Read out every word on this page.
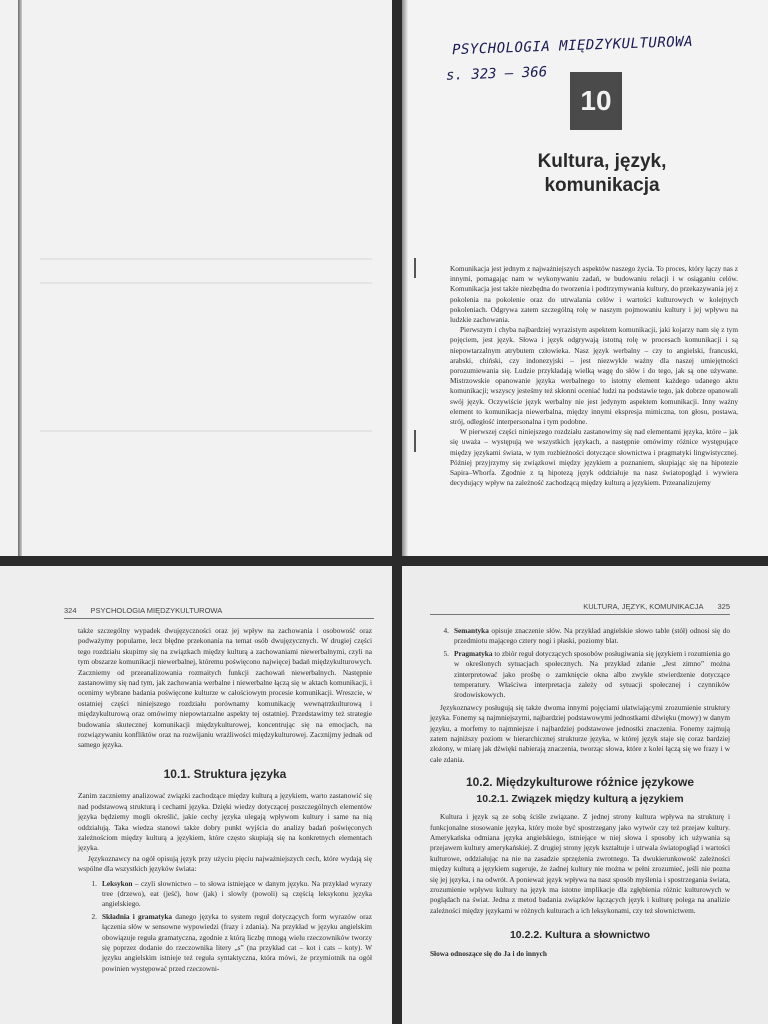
PSYCHOLOGIA MIĘDZYKULTUROWA
s. 323 – 366
10
Kultura, język,
komunikacja

Komunikacja jest jednym z najważniejszych aspektów naszego życia. To proces, który łączy nas z innymi, pomagając nam w wykonywaniu zadań, w budowaniu relacji i w osiąganiu celów. Komunikacja jest także niezbędna do tworzenia i podtrzymywania kultury, do przekazywania jej z pokolenia na pokolenie oraz do utrwalania celów i wartości kulturowych w kolejnych pokoleniach. Odgrywa zatem szczególną rolę w naszym pojmowaniu kultury i jej wpływu na ludzkie zachowania.

Pierwszym i chyba najbardziej wyrazistym aspektem komunikacji, jaki kojarzy nam się z tym pojęciem, jest język. Słowa i język odgrywają istotną rolę w procesach komunikacji i są niepowtarzalnym atrybutem człowieka. Nasz język werbalny – czy to angielski, francuski, arabski, chiński, czy indonezyjski – jest niezwykle ważny dla naszej umiejętności porozumiewania się. Ludzie przykładają wielką wagę do słów i do tego, jak są one używane. Mistrzowskie opanowanie języka werbalnego to istotny element każdego udanego aktu komunikacji; wszyscy jesteśmy też skłonni oceniać ludzi na podstawie tego, jak dobrze opanowali swój język. Oczywiście język werbalny nie jest jedynym aspektem komunikacji. Inny ważny element to komunikacja niewerbalna, między innymi ekspresja mimiczna, ton głosu, postawa, strój, odległość interpersonalna i tym podobne.

W pierwszej części niniejszego rozdziału zastanowimy się nad elementami języka, które – jak się uważa – występują we wszystkich językach, a następnie omówimy różnice występujące między językami świata, w tym rozbieżności dotyczące słownictwa i pragmatyki lingwistycznej. Później przyjrzymy się związkowi między językiem a poznaniem, skupiając się na hipotezie Sapira–Whorfa. Zgodnie z tą hipotezą język oddziałuje na nasz światopogląd i wywiera decydujący wpływ na zależność zachodzącą między kulturą a językiem. Przeanalizujemy

324 PSYCHOLOGIA MIĘDZYKULTUROWA

także szczególny wypadek dwujęzyczności oraz jej wpływ na zachowania i osobowość oraz podważymy popularne, lecz błędne przekonania na temat osób dwujęzycznych. W drugiej części tego rozdziału skupimy się na związkach między kulturą a zachowaniami niewerbalnymi, czyli na tym obszarze komunikacji niewerbalnej, któremu poświęcono najwięcej badań międzykulturowych. Zaczniemy od przeanalizowania rozmaitych funkcji zachowań niewerbalnych. Następnie zastanowimy się nad tym, jak zachowania werbalne i niewerbalne łączą się w aktach komunikacji, i ocenimy wybrane badania poświęcone kulturze w całościowym procesie komunikacji. Wreszcie, w ostatniej części niniejszego rozdziału porównamy komunikację wewnątrzkulturową i międzykulturową oraz omówimy niepowtarzalne aspekty tej ostatniej. Przedstawimy też strategie budowania skutecznej komunikacji międzykulturowej, koncentrując się na emocjach, na rozwiązywaniu konfliktów oraz na rozwijaniu wrażliwości międzykulturowej. Zacznijmy jednak od samego języka.

10.1. Struktura języka

Zanim zaczniemy analizować związki zachodzące między kulturą a językiem, warto zastanowić się nad podstawową strukturą i cechami języka. Dzięki wiedzy dotyczącej poszczególnych elementów języka będziemy mogli określić, jakie cechy języka ulegają wpływom kultury i same na nią oddziałują. Taka wiedza stanowi także dobry punkt wyjścia do analizy badań poświęconych zależnościom między kulturą a językiem, które często skupiają się na konkretnych elementach języka.

Językoznawcy na ogół opisują język przy użyciu pięciu najważniejszych cech, które wydają się wspólne dla wszystkich języków świata:

1. Leksykon – czyli słownictwo – to słowa istniejące w danym języku. Na przykład wyrazy tree (drzewo), eat (jeść), how (jak) i slowly (powoli) są częścią leksykonu języka angielskiego.
2. Składnia i gramatyka danego języka to system reguł dotyczących form wyrazów oraz łączenia słów w sensowne wypowiedzi (frazy i zdania). Na przykład w języku angielskim obowiązuje reguła gramatyczna, zgodnie z którą liczbę mnogą wielu rzeczowników tworzy się poprzez dodanie do rzeczownika litery „s” (na przykład cat – kot i cats – koty). W języku angielskim istnieje też reguła syntaktyczna, która mówi, że przymiotnik na ogół powinien występować przed rzeczowni-
KULTURA, JĘZYK, KOMUNIKACJA 325
4. Semantyka opisuje znaczenie słów. Na przykład angielskie słowo table (stół) odnosi się do przedmiotu mającego cztery nogi i płaski, poziomy blat.
5. Pragmatyka to zbiór reguł dotyczących sposobów posługiwania się językiem i rozumienia go w określonych sytuacjach społecznych. Na przykład zdanie „Jest zimno” można zinterpretować jako prośbę o zamknięcie okna albo zwykłe stwierdzenie dotyczące temperatury. Właściwa interpretacja zależy od sytuacji społecznej i czynników środowiskowych.

Językoznawcy posługują się także dwoma innymi pojęciami ułatwiającymi zrozumienie struktury języka. Fonemy są najmniejszymi, najbardziej podstawowymi jednostkami dźwięku (mowy) w danym języku, a morfemy to najmniejsze i najbardziej podstawowe jednostki znaczenia. Fonemy zajmują zatem najniższy poziom w hierarchicznej strukturze języka, w której język staje się coraz bardziej złożony, w miarę jak dźwięki nabierają znaczenia, tworząc słowa, które z kolei łączą się we frazy i w całe zdania.

10.2. Międzykulturowe różnice językowe
10.2.1. Związek między kulturą a językiem

Kultura i język są ze sobą ściśle związane. Z jednej strony kultura wpływa na strukturę i funkcjonalne stosowanie języka, który może być spostrzegany jako wytwór czy też przejaw kultury. Amerykańska odmiana języka angielskiego, istniejące w niej słowa i sposoby ich używania są przejawem kultury amerykańskiej. Z drugiej strony język kształtuje i utrwala światopogląd i wartości kulturowe, oddziałując na nie na zasadzie sprzężenia zwrotnego. Ta dwukierunkowość zależności między kulturą a językiem sugeruje, że żadnej kultury nie można w pełni zrozumieć, jeśli nie pozna się jej języka, i na odwrót. A ponieważ język wpływa na nasz sposób myślenia i spostrzegania świata, zrozumienie wpływu kultury na język ma istotne implikacje dla zgłębienia różnic kulturowych w poglądach na świat. Jedna z metod badania związków łączących język i kulturę polega na analizie zależności między językami w różnych kulturach a ich leksykonami, czy też słownictwem.

10.2.2. Kultura a słownictwo
Słowa odnoszące się do Ja i do innych
